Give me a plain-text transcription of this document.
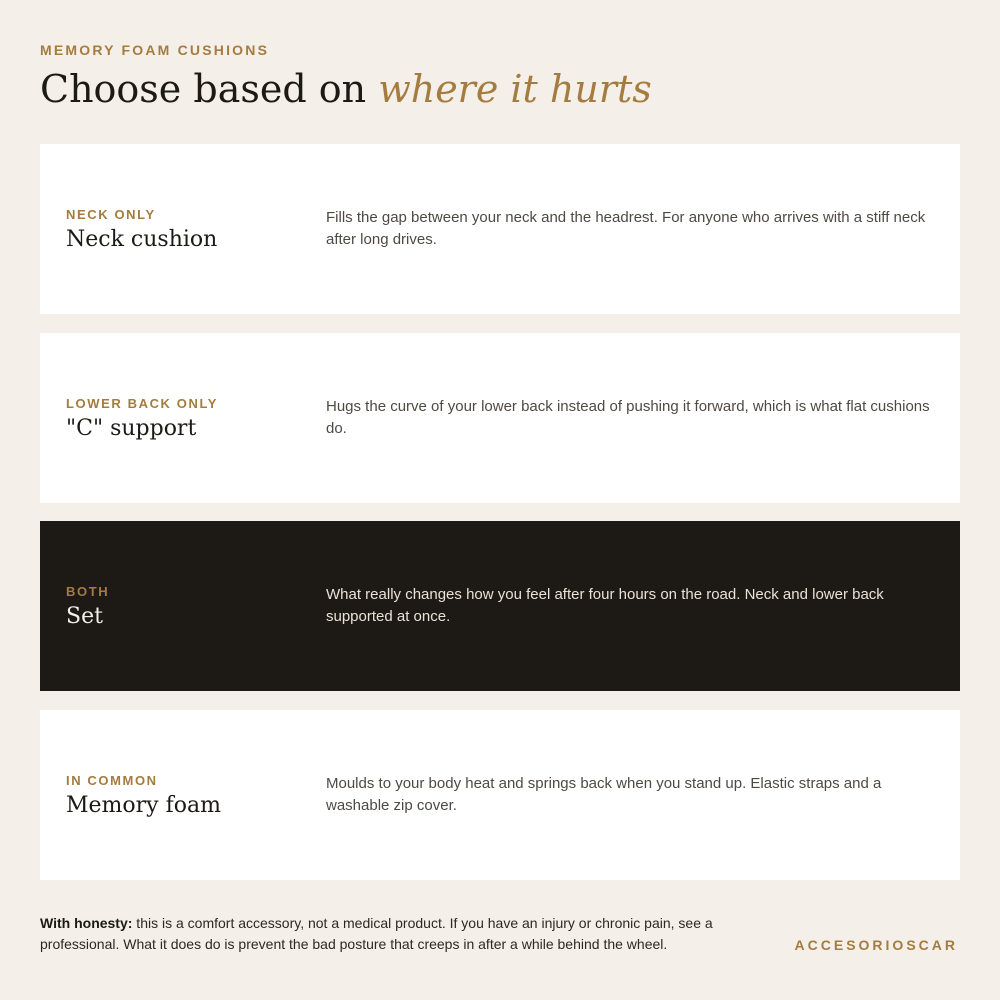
MEMORY FOAM CUSHIONS
Choose based on where it hurts
NECK ONLY
Neck cushion
Fills the gap between your neck and the headrest. For anyone who arrives with a stiff neck after long drives.
LOWER BACK ONLY
"C" support
Hugs the curve of your lower back instead of pushing it forward, which is what flat cushions do.
BOTH
Set
What really changes how you feel after four hours on the road. Neck and lower back supported at once.
IN COMMON
Memory foam
Moulds to your body heat and springs back when you stand up. Elastic straps and a washable zip cover.
With honesty: this is a comfort accessory, not a medical product. If you have an injury or chronic pain, see a professional. What it does do is prevent the bad posture that creeps in after a while behind the wheel.	ACCESORIOSCAR
